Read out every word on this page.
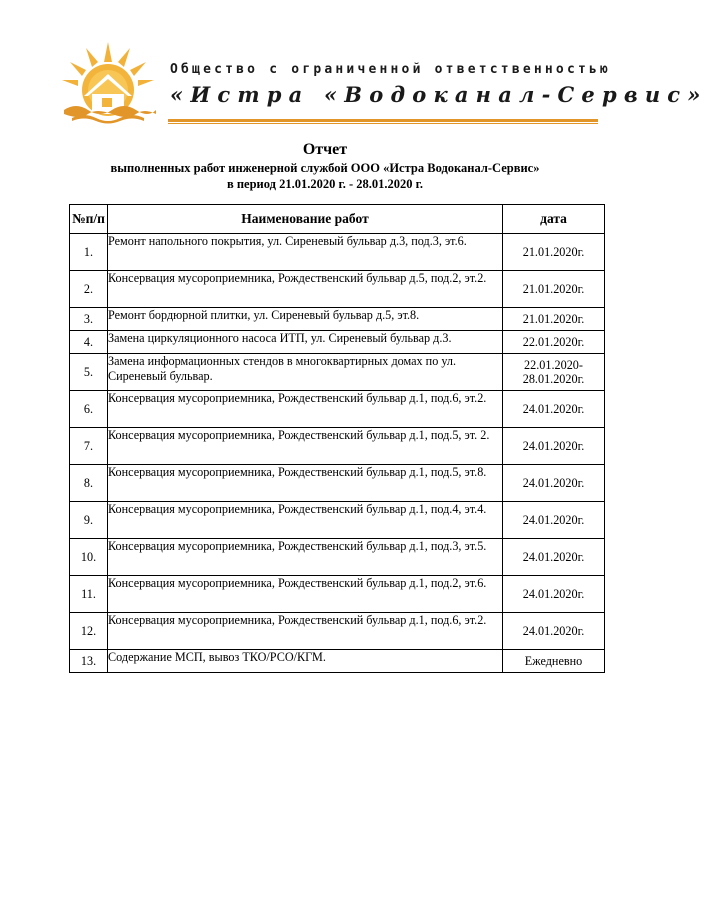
Общество с ограниченной ответственностью
«Истра «Водоканал-Сервис»
Отчет
выполненных работ инженерной службой ООО «Истра Водоканал-Сервис»
в период 21.01.2020 г. - 28.01.2020 г.
№п/п	Наименование работ	дата
1.	Ремонт напольного покрытия, ул. Сиреневый бульвар д.3, под.3, эт.6.	21.01.2020г.
2.	Консервация мусороприемника, Рождественский бульвар д.5, под.2, эт.2.	21.01.2020г.
3.	Ремонт бордюрной плитки, ул. Сиреневый бульвар д.5, эт.8.	21.01.2020г.
4.	Замена циркуляционного насоса ИТП, ул. Сиреневый бульвар д.3.	22.01.2020г.
5.	Замена информационных стендов в многоквартирных домах по ул. Сиреневый бульвар.	22.01.2020-28.01.2020г.
6.	Консервация мусороприемника, Рождественский бульвар д.1, под.6, эт.2.	24.01.2020г.
7.	Консервация мусороприемника, Рождественский бульвар д.1, под.5, эт. 2.	24.01.2020г.
8.	Консервация мусороприемника, Рождественский бульвар д.1, под.5, эт.8.	24.01.2020г.
9.	Консервация мусороприемника, Рождественский бульвар д.1, под.4, эт.4.	24.01.2020г.
10.	Консервация мусороприемника, Рождественский бульвар д.1, под.3, эт.5.	24.01.2020г.
11.	Консервация мусороприемника, Рождественский бульвар д.1, под.2, эт.6.	24.01.2020г.
12.	Консервация мусороприемника, Рождественский бульвар д.1, под.6, эт.2.	24.01.2020г.
13.	Содержание МСП, вывоз ТКО/РСО/КГМ.	Ежедневно
